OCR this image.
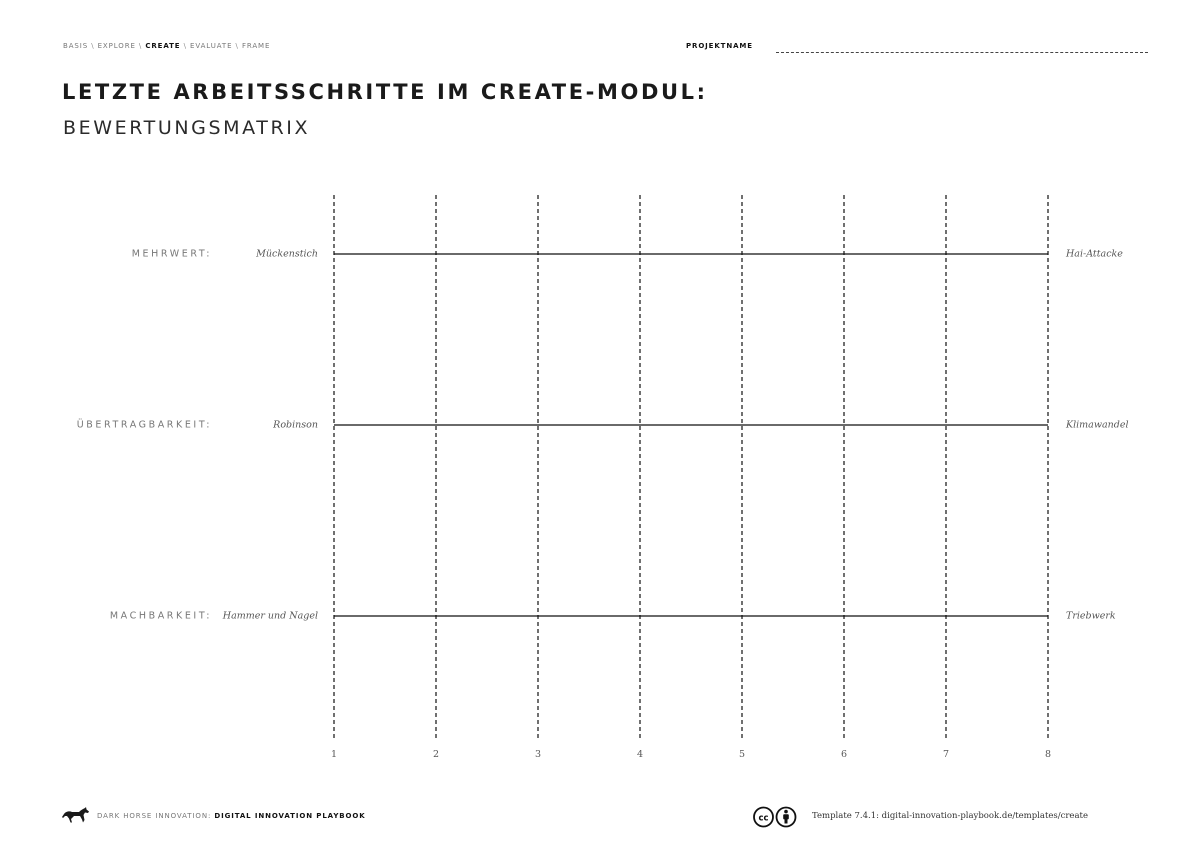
BASIS \ EXPLORE \ CREATE \ EVALUATE \ FRAME	PROJEKTNAME
LETZTE ARBEITSSCHRITTE IM CREATE-MODUL:
BEWERTUNGSMATRIX
1	2	3	4	5	6	7	8
MEHRWERT:	Mückenstich	Hai-Attacke
ÜBERTRAGBARKEIT:	Robinson	Klimawandel
MACHBARKEIT: Hammer und Nagel	Triebwerk
DARK HORSE INNOVATION: DIGITAL INNOVATION PLAYBOOK	cc	Template 7.4.1: digital-innovation-playbook.de/templates/create
